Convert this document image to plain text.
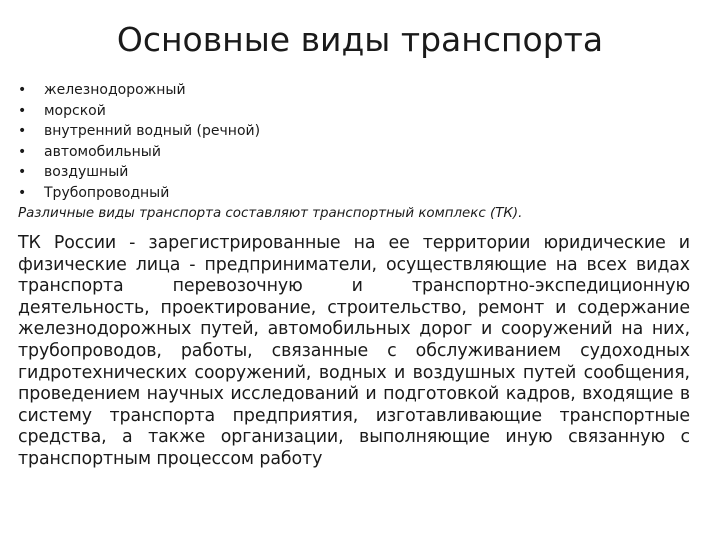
Основные виды транспорта
•	железнодорожный
•	морской
•	внутренний водный (речной)
•	автомобильный
•	воздушный
•	Трубопроводный

Различные виды транспорта составляют транспортный комплекс (ТК).

ТК России - зарегистрированные на ее территории юридические и физические лица - предприниматели, осуществляющие на всех видах транспорта перевозочную и транспортно-экспедиционную деятельность, проектирование, строительство, ремонт и содержание железнодорожных путей, автомобильных дорог и сооружений на них, трубопроводов, работы, связанные с обслуживанием судоходных гидротехнических сооружений, водных и воздушных путей сообщения, проведением научных исследований и подготовкой кадров, входящие в систему транспорта предприятия, изготавливающие транспортные средства, а также организации, выполняющие иную связанную с транспортным процессом работу
